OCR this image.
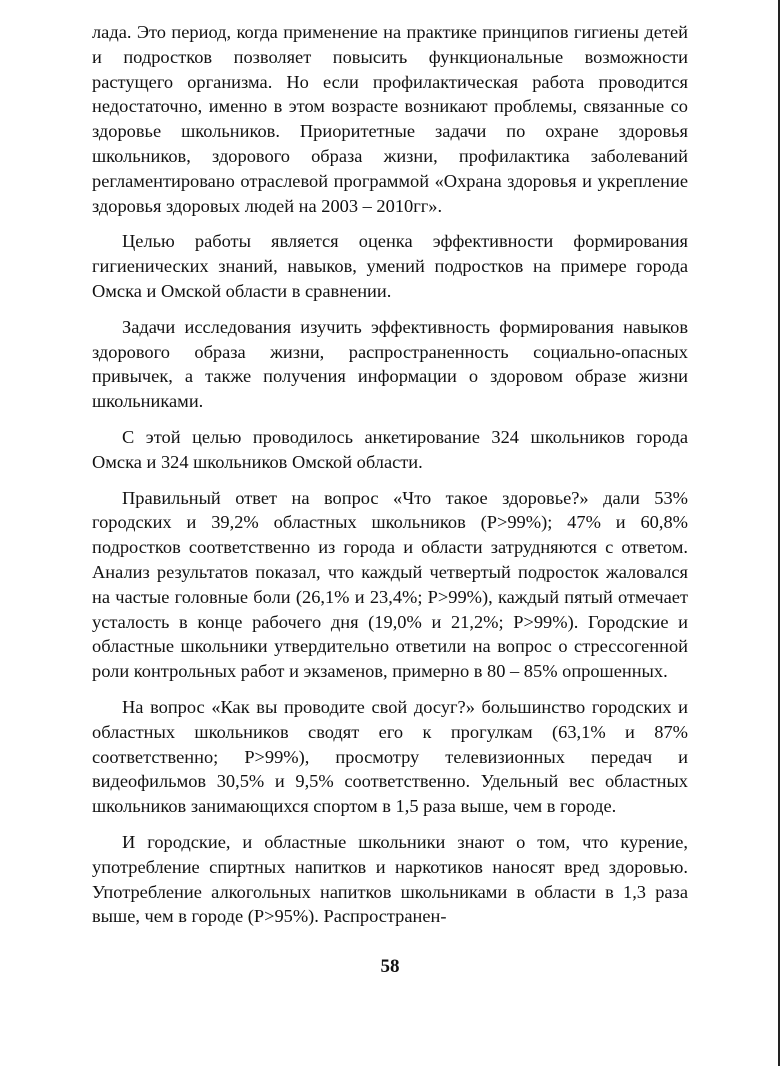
лада. Это период, когда применение на практике принципов гигиены детей и подростков позволяет повысить функциональные возможности растущего организма. Но если профилактическая работа проводится недостаточно, именно в этом возрасте возникают проблемы, связанные со здоровье школьников. Приоритетные задачи по охране здоровья школьников, здорового образа жизни, профилактика заболеваний регламентировано отраслевой программой «Охрана здоровья и укрепление здоровья здоровых людей на 2003 – 2010гг».

Целью работы является оценка эффективности формирования гигиенических знаний, навыков, умений подростков на примере города Омска и Омской области в сравнении.

Задачи исследования изучить эффективность формирования навыков здорового образа жизни, распространенность социально-опасных привычек, а также получения информации о здоровом образе жизни школьниками.

С этой целью проводилось анкетирование 324 школьников города Омска и 324 школьников Омской области.

Правильный ответ на вопрос «Что такое здоровье?» дали 53% городских и 39,2% областных школьников (P>99%); 47% и 60,8% подростков соответственно из города и области затрудняются с ответом. Анализ результатов показал, что каждый четвертый подросток жаловался на частые головные боли (26,1% и 23,4%; P>99%), каждый пятый отмечает усталость в конце рабочего дня (19,0% и 21,2%; P>99%). Городские и областные школьники утвердительно ответили на вопрос о стрессогенной роли контрольных работ и экзаменов, примерно в 80 – 85% опрошенных.

На вопрос «Как вы проводите свой досуг?» большинство городских и областных школьников сводят его к прогулкам (63,1% и 87% соответственно; P>99%), просмотру телевизионных передач и видеофильмов 30,5% и 9,5% соответственно. Удельный вес областных школьников занимающихся спортом в 1,5 раза выше, чем в городе.

И городские, и областные школьники знают о том, что курение, употребление спиртных напитков и наркотиков наносят вред здоровью. Употребление алкогольных напитков школьниками в области в 1,3 раза выше, чем в городе (P>95%). Распространен-

58
